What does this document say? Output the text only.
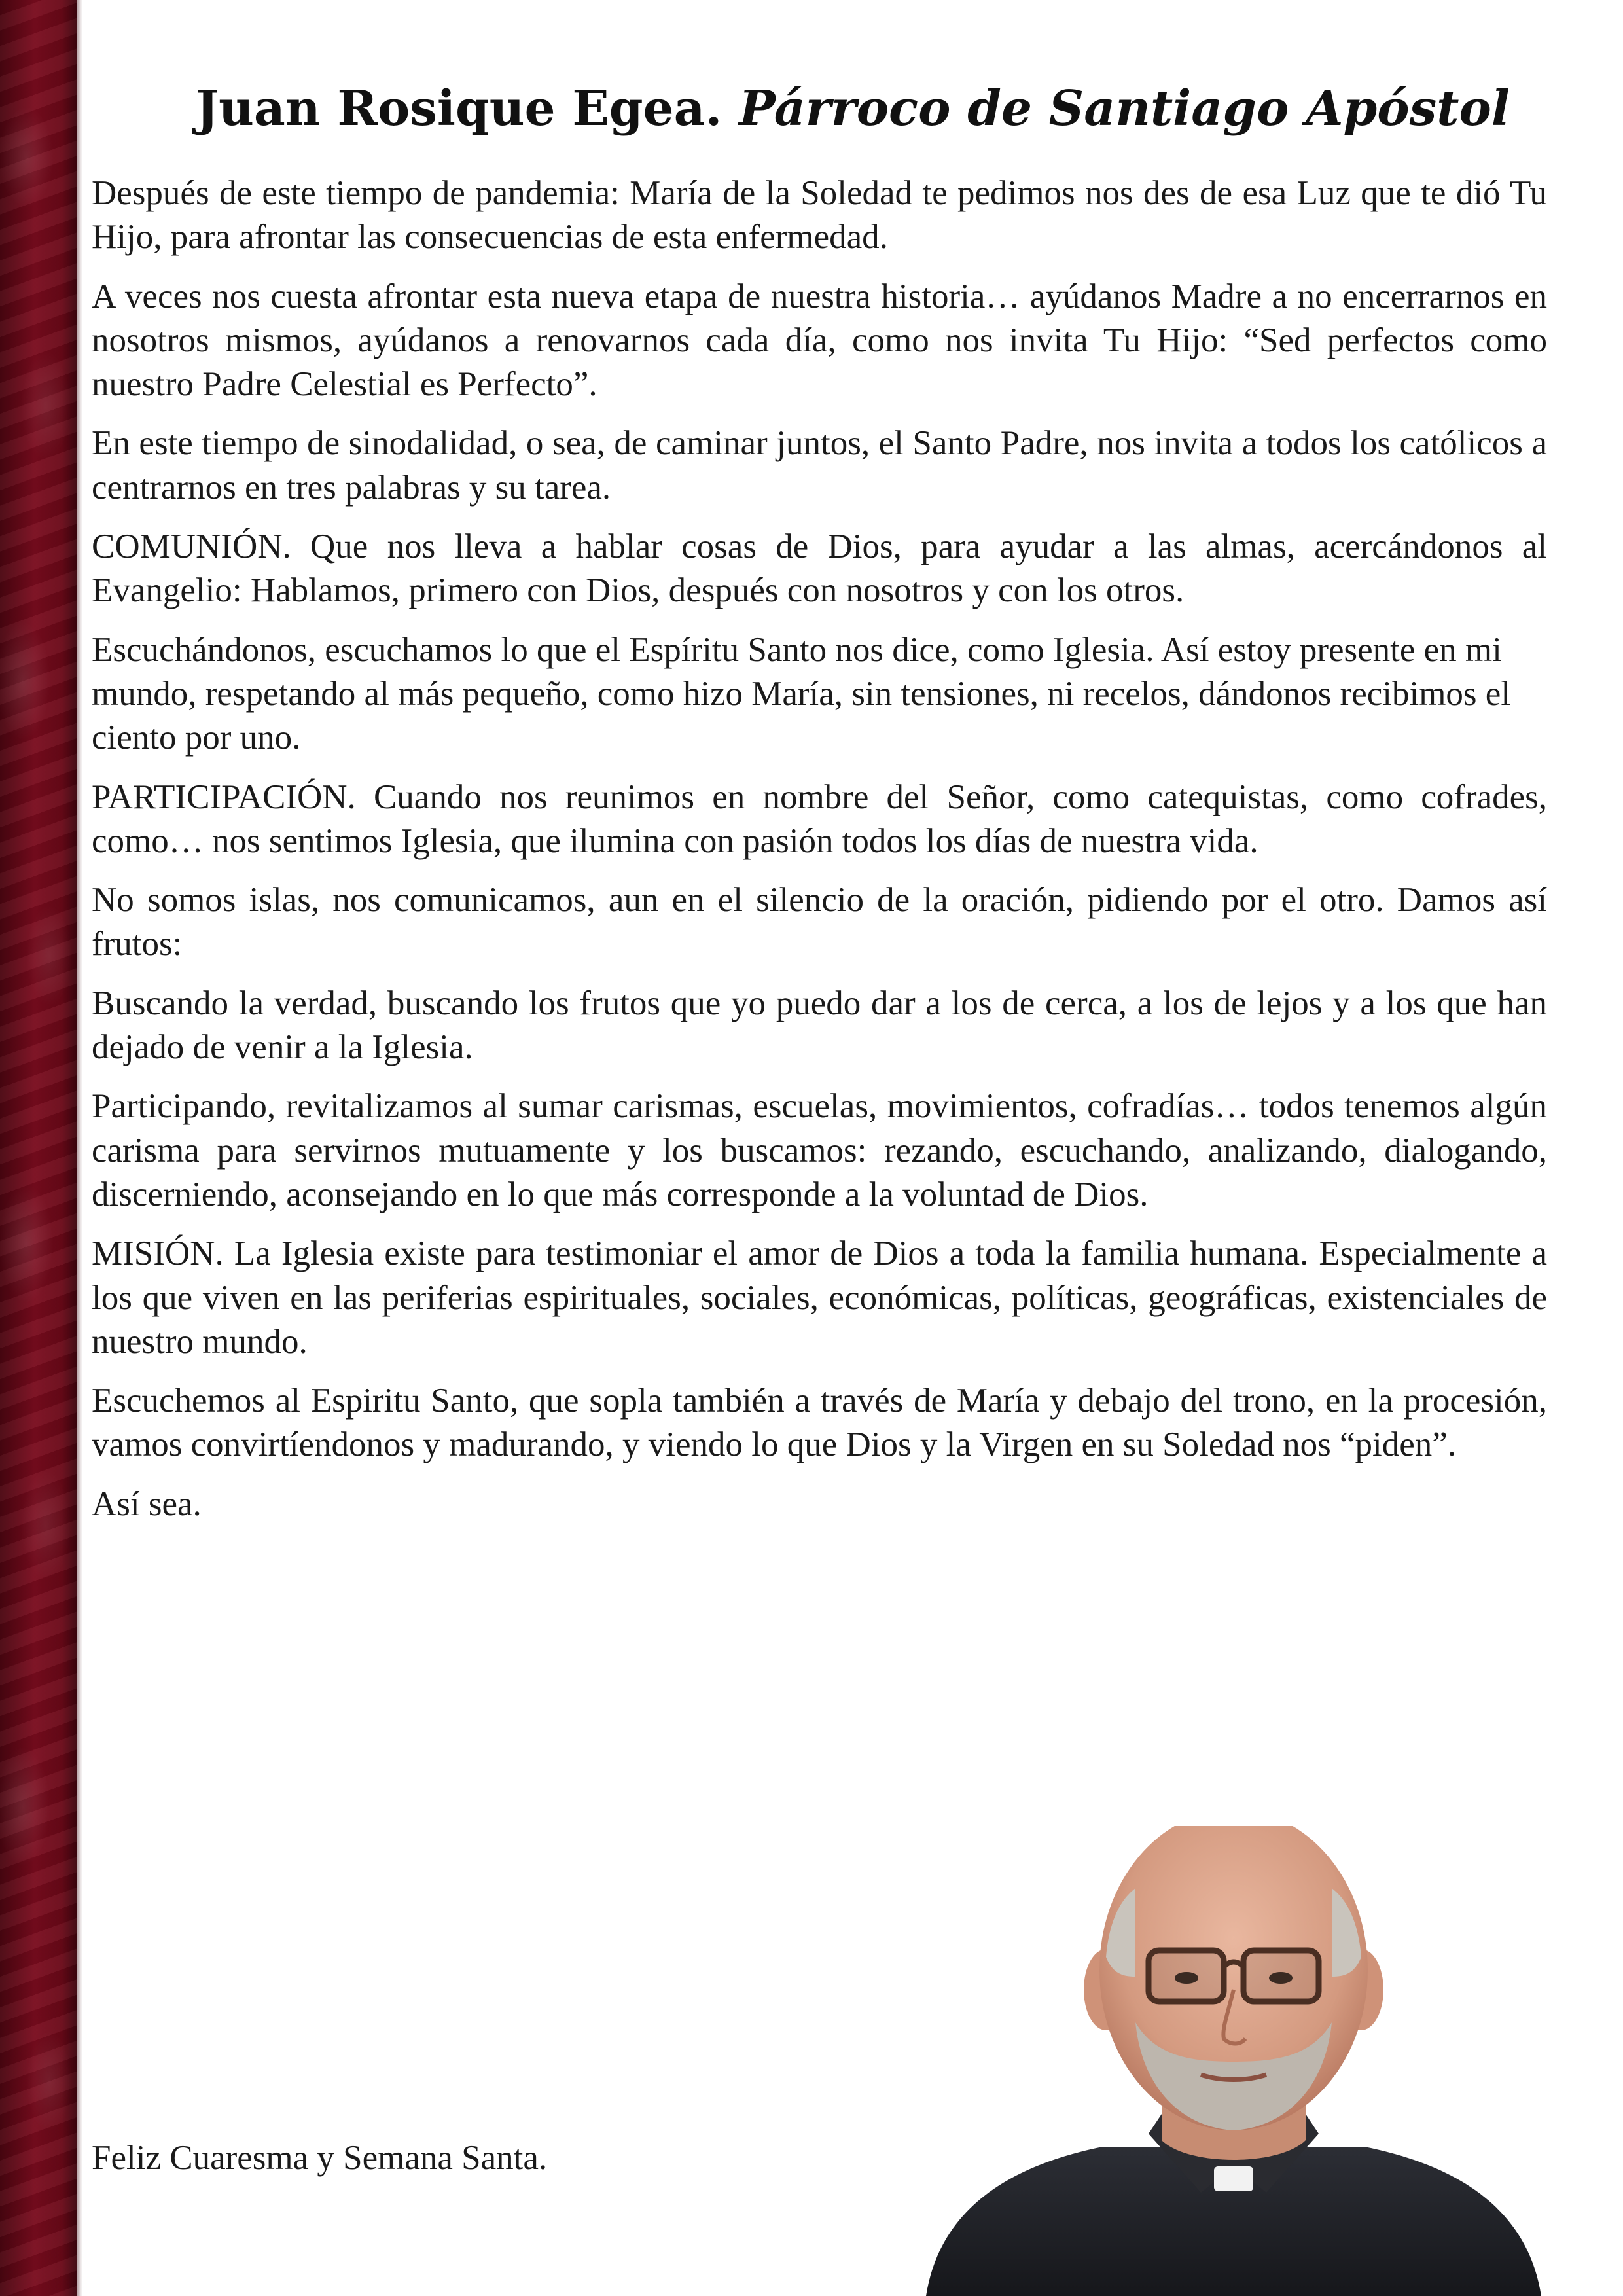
Juan Rosique Egea. Párroco de Santiago Apóstol

Después de este tiempo de pandemia: María de la Soledad te pedimos nos des de esa Luz que te dió Tu Hijo, para afrontar las consecuencias de esta enfermedad.

A veces nos cuesta afrontar esta nueva etapa de nuestra historia… ayúdanos Madre a no encerrarnos en nosotros mismos, ayúdanos a renovarnos cada día, como nos invita Tu Hijo: “Sed perfectos como nuestro Padre Celestial es Perfecto”.

En este tiempo de sinodalidad, o sea, de caminar juntos, el Santo Padre, nos invita a todos los católicos a centrarnos en tres palabras y su tarea.

COMUNIÓN. Que nos lleva a hablar cosas de Dios, para ayudar a las almas, acercándonos al Evangelio: Hablamos, primero con Dios, después con nosotros y con los otros.

Escuchándonos, escuchamos lo que el Espíritu Santo nos dice, como Iglesia. Así estoy presente en mi mundo, respetando al más pequeño, como hizo María, sin tensiones, ni recelos, dándonos recibimos el ciento por uno.

PARTICIPACIÓN. Cuando nos reunimos en nombre del Señor, como catequistas, como cofrades, como… nos sentimos Iglesia, que ilumina con pasión todos los días de nuestra vida.

No somos islas, nos comunicamos, aun en el silencio de la oración, pidiendo por el otro. Damos así frutos:

Buscando la verdad, buscando los frutos que yo puedo dar a los de cerca, a los de lejos y a los que han dejado de venir a la Iglesia.

Participando, revitalizamos al sumar carismas, escuelas, movimientos, cofradías… todos tenemos algún carisma para servirnos mutuamente y los buscamos: rezando, escuchando, analizando, dialogando, discerniendo, aconsejando en lo que más corresponde a la voluntad de Dios.

MISIÓN. La Iglesia existe para testimoniar el amor de Dios a toda la familia humana. Especialmente a los que viven en las periferias espirituales, sociales, económicas, políticas, geográficas, existenciales de nuestro mundo.

Escuchemos al Espiritu Santo, que sopla también a través de María y debajo del trono, en la procesión, vamos convirtíendonos y madurando, y viendo lo que Dios y la Virgen en su Soledad nos “piden”.

Así sea.

Feliz Cuaresma y Semana Santa.
